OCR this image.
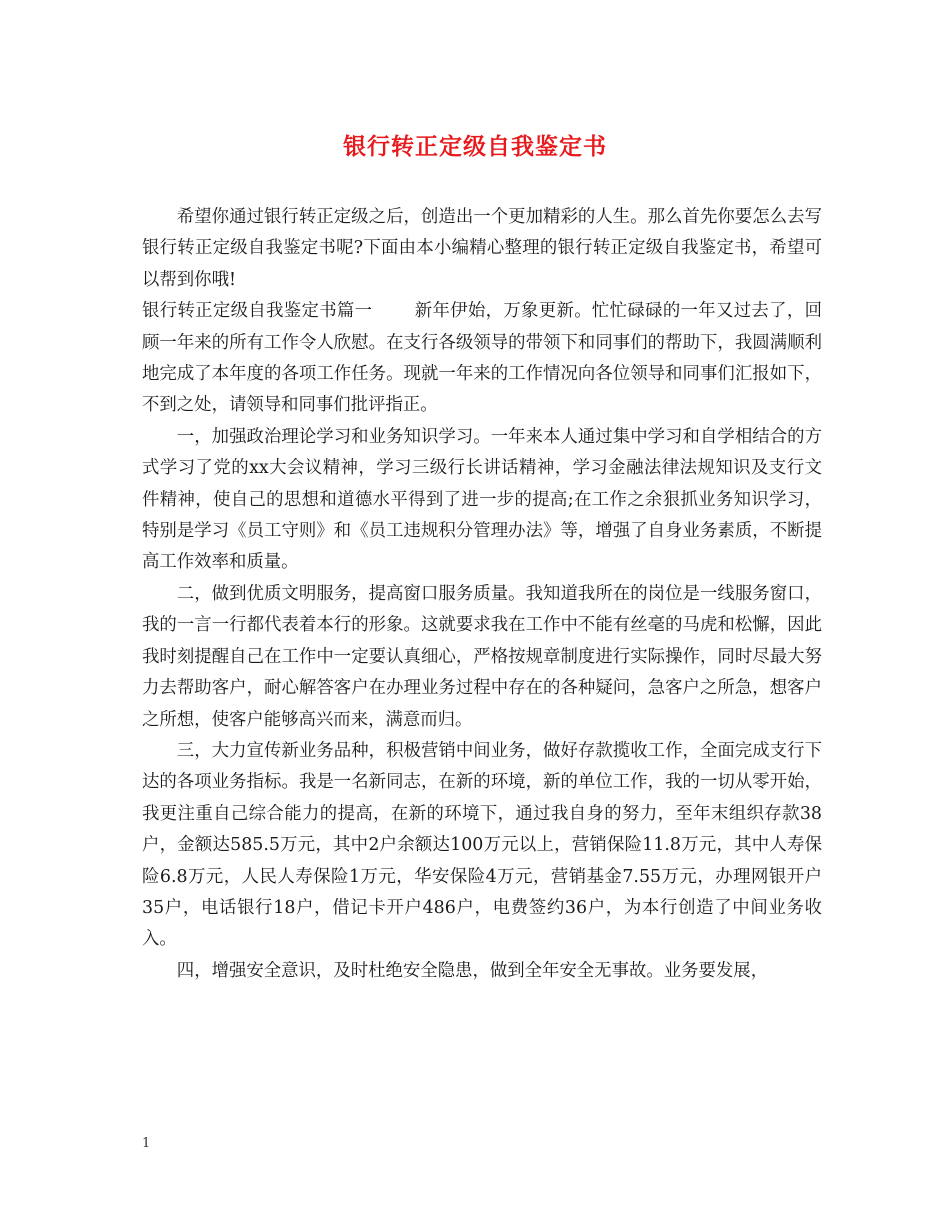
银行转正定级自我鉴定书

希望你通过银行转正定级之后，创造出一个更加精彩的人生。那么首先你要怎么去写银行转正定级自我鉴定书呢?下面由本小编精心整理的银行转正定级自我鉴定书，希望可以帮到你哦!

银行转正定级自我鉴定书篇一 新年伊始，万象更新。忙忙碌碌的一年又过去了，回顾一年来的所有工作令人欣慰。在支行各级领导的带领下和同事们的帮助下，我圆满顺利地完成了本年度的各项工作任务。现就一年来的工作情况向各位领导和同事们汇报如下，不到之处，请领导和同事们批评指正。

一，加强政治理论学习和业务知识学习。一年来本人通过集中学习和自学相结合的方式学习了党的xx大会议精神，学习三级行长讲话精神，学习金融法律法规知识及支行文件精神，使自己的思想和道德水平得到了进一步的提高;在工作之余狠抓业务知识学习，特别是学习《员工守则》和《员工违规积分管理办法》等，增强了自身业务素质，不断提高工作效率和质量。

二，做到优质文明服务，提高窗口服务质量。我知道我所在的岗位是一线服务窗口，我的一言一行都代表着本行的形象。这就要求我在工作中不能有丝毫的马虎和松懈，因此我时刻提醒自己在工作中一定要认真细心，严格按规章制度进行实际操作，同时尽最大努力去帮助客户，耐心解答客户在办理业务过程中存在的各种疑问，急客户之所急，想客户之所想，使客户能够高兴而来，满意而归。

三，大力宣传新业务品种，积极营销中间业务，做好存款揽收工作，全面完成支行下达的各项业务指标。我是一名新同志，在新的环境，新的单位工作，我的一切从零开始，我更注重自己综合能力的提高，在新的环境下，通过我自身的努力，至年末组织存款38户，金额达585.5万元，其中2户余额达100万元以上，营销保险11.8万元，其中人寿保险6.8万元，人民人寿保险1万元，华安保险4万元，营销基金7.55万元，办理网银开户35户，电话银行18户，借记卡开户486户，电费签约36户，为本行创造了中间业务收入。

四，增强安全意识，及时杜绝安全隐患，做到全年安全无事故。业务要发展，

1
